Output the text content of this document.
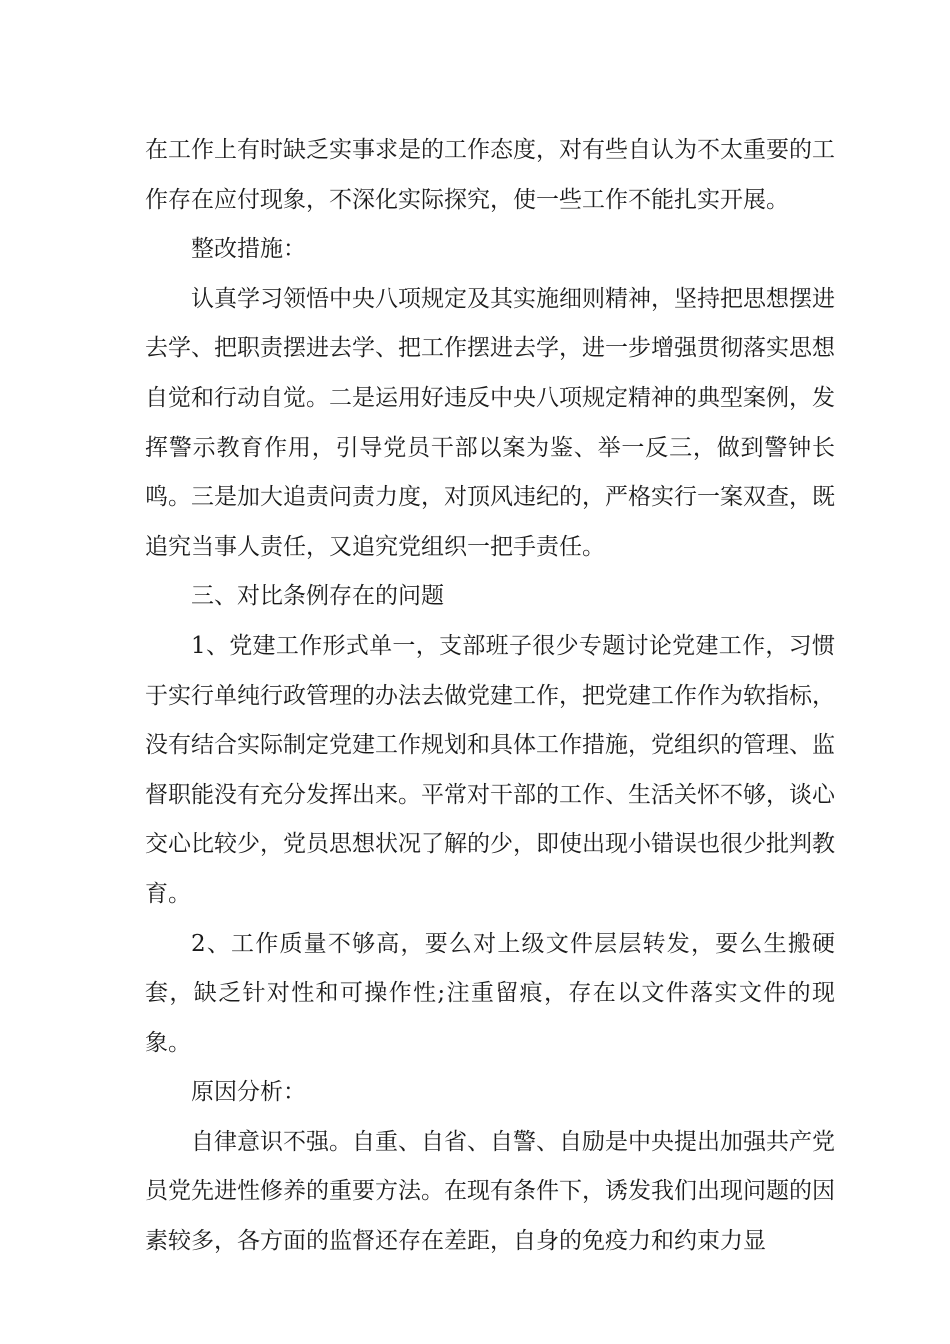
在工作上有时缺乏实事求是的工作态度，对有些自认为不太重要的工作存在应付现象，不深化实际探究，使一些工作不能扎实开展。

整改措施：

认真学习领悟中央八项规定及其实施细则精神，坚持把思想摆进去学、把职责摆进去学、把工作摆进去学，进一步增强贯彻落实思想自觉和行动自觉。二是运用好违反中央八项规定精神的典型案例，发挥警示教育作用，引导党员干部以案为鉴、举一反三，做到警钟长鸣。三是加大追责问责力度，对顶风违纪的，严格实行一案双查，既追究当事人责任，又追究党组织一把手责任。

三、对比条例存在的问题

1、党建工作形式单一，支部班子很少专题讨论党建工作，习惯于实行单纯行政管理的办法去做党建工作，把党建工作作为软指标，没有结合实际制定党建工作规划和具体工作措施，党组织的管理、监督职能没有充分发挥出来。平常对干部的工作、生活关怀不够，谈心交心比较少，党员思想状况了解的少，即使出现小错误也很少批判教育。

2、工作质量不够高，要么对上级文件层层转发，要么生搬硬套，缺乏针对性和可操作性;注重留痕，存在以文件落实文件的现象。

原因分析：

自律意识不强。自重、自省、自警、自励是中央提出加强共产党员党先进性修养的重要方法。在现有条件下，诱发我们出现问题的因素较多，各方面的监督还存在差距，自身的免疫力和约束力显
